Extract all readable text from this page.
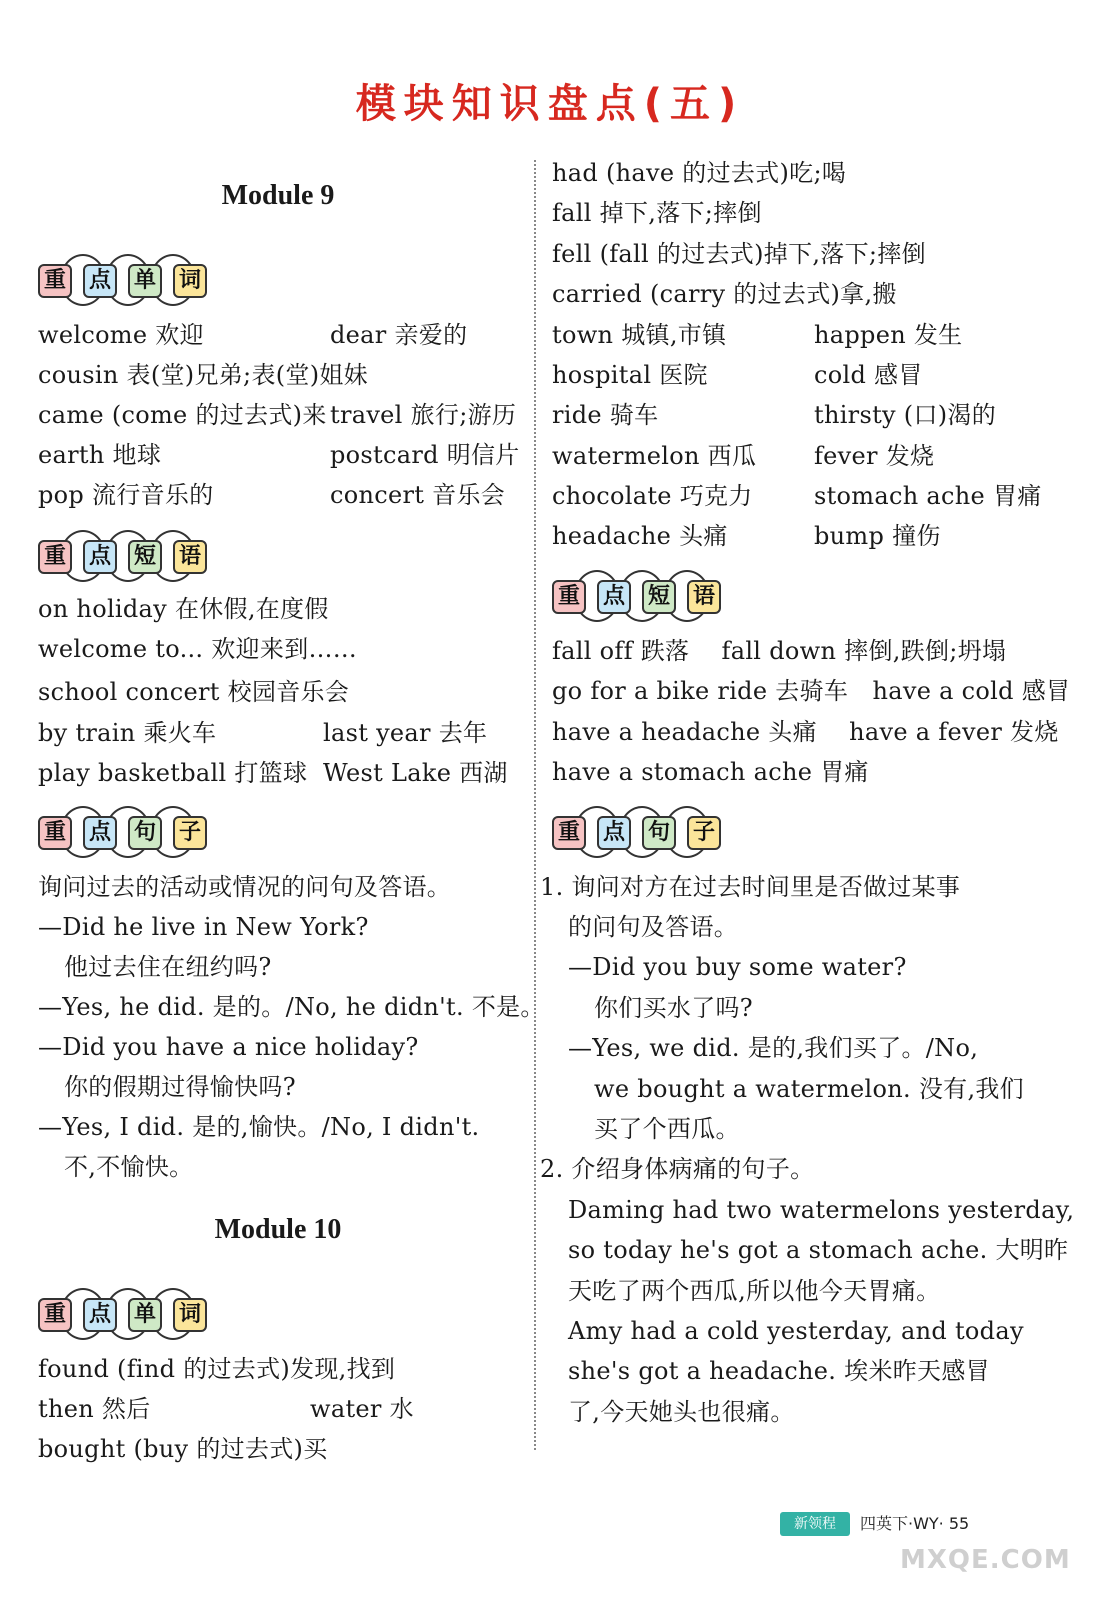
模块知识盘点(五)
Module 9
重 点 单 词
welcome 欢迎	dear 亲爱的
cousin 表(堂)兄弟;表(堂)姐妹
came (come 的过去式)来 travel 旅行;游历
earth 地球	postcard 明信片
pop 流行音乐的	concert 音乐会
重 点 短 语
on holiday 在休假,在度假
welcome to... 欢迎来到……
school concert 校园音乐会
by train 乘火车	last year 去年
play basketball 打篮球 West Lake 西湖
重 点 句 子
询问过去的活动或情况的问句及答语。
—Did he live in New York?
他过去住在纽约吗?
—Yes, he did. 是的。/No, he didn't. 不是。
—Did you have a nice holiday?
你的假期过得愉快吗?
—Yes, I did. 是的,愉快。/No, I didn't.
不,不愉快。
Module 10
重 点 单 词
found (find 的过去式)发现,找到
then 然后	water 水
bought (buy 的过去式)买
had (have 的过去式)吃;喝
fall 掉下,落下;摔倒
fell (fall 的过去式)掉下,落下;摔倒
carried (carry 的过去式)拿,搬
town 城镇,市镇	happen 发生
hospital 医院	cold 感冒
ride 骑车	thirsty (口)渴的
watermelon 西瓜 fever 发烧
chocolate 巧克力	stomach ache 胃痛
headache 头痛	bump 撞伤
重 点 短 语
fall off 跌落　 fall down 摔倒,跌倒;坍塌
go for a bike ride 去骑车　have a cold 感冒
have a headache 头痛　 have a fever 发烧
have a stomach ache 胃痛
重 点 句 子
1. 询问对方在过去时间里是否做过某事
的问句及答语。
—Did you buy some water?
你们买水了吗?
—Yes, we did. 是的,我们买了。/No,
we bought a watermelon. 没有,我们
买了个西瓜。
2. 介绍身体病痛的句子。
Daming had two watermelons yesterday,
so today he's got a stomach ache. 大明昨
天吃了两个西瓜,所以他今天胃痛。
Amy had a cold yesterday, and today
she's got a headache. 埃米昨天感冒
了,今天她头也很痛。
新领程	四英下·WY· 55
MXQE.COM
